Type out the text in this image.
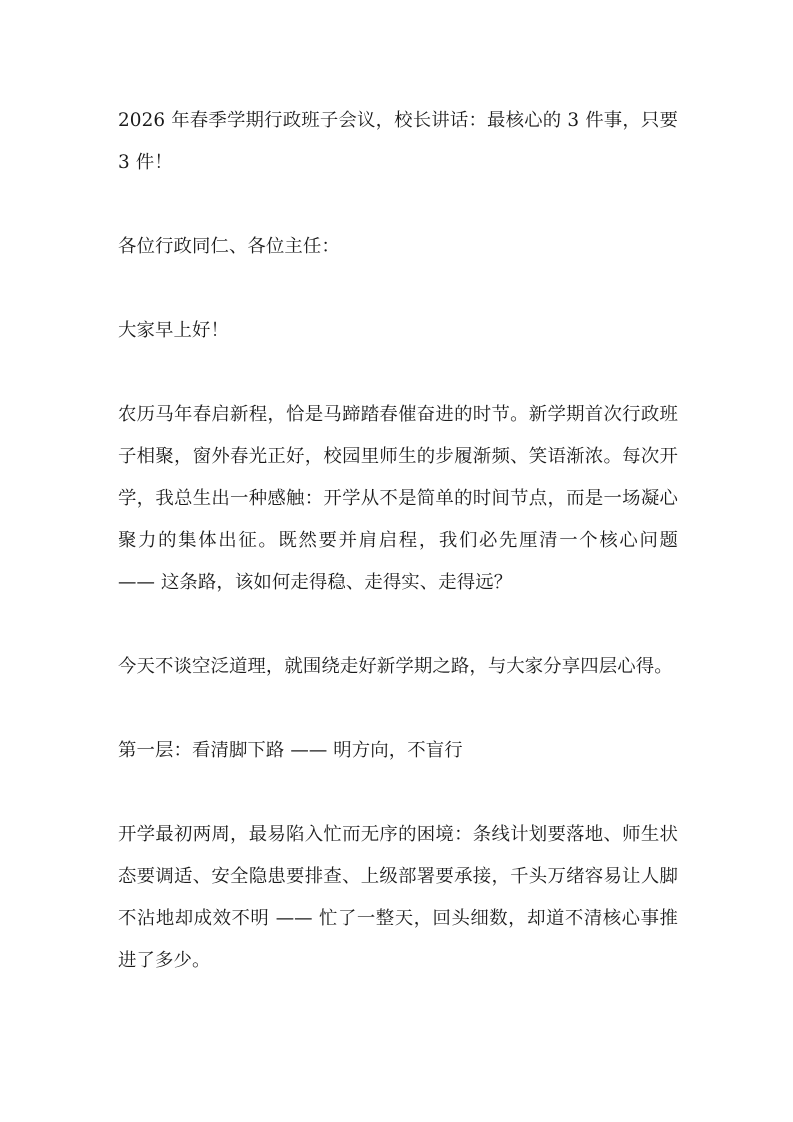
2026 年春季学期行政班子会议，校长讲话：最核心的 3 件事，只要 3 件！

各位行政同仁、各位主任：

大家早上好！

农历马年春启新程，恰是马蹄踏春催奋进的时节。新学期首次行政班子相聚，窗外春光正好，校园里师生的步履渐频、笑语渐浓。每次开学，我总生出一种感触：开学从不是简单的时间节点，而是一场凝心聚力的集体出征。既然要并肩启程，我们必先厘清一个核心问题 —— 这条路，该如何走得稳、走得实、走得远？

今天不谈空泛道理，就围绕走好新学期之路，与大家分享四层心得。

第一层：看清脚下路 —— 明方向，不盲行

开学最初两周，最易陷入忙而无序的困境：条线计划要落地、师生状态要调适、安全隐患要排查、上级部署要承接，千头万绪容易让人脚不沾地却成效不明 —— 忙了一整天，回头细数，却道不清核心事推进了多少。
